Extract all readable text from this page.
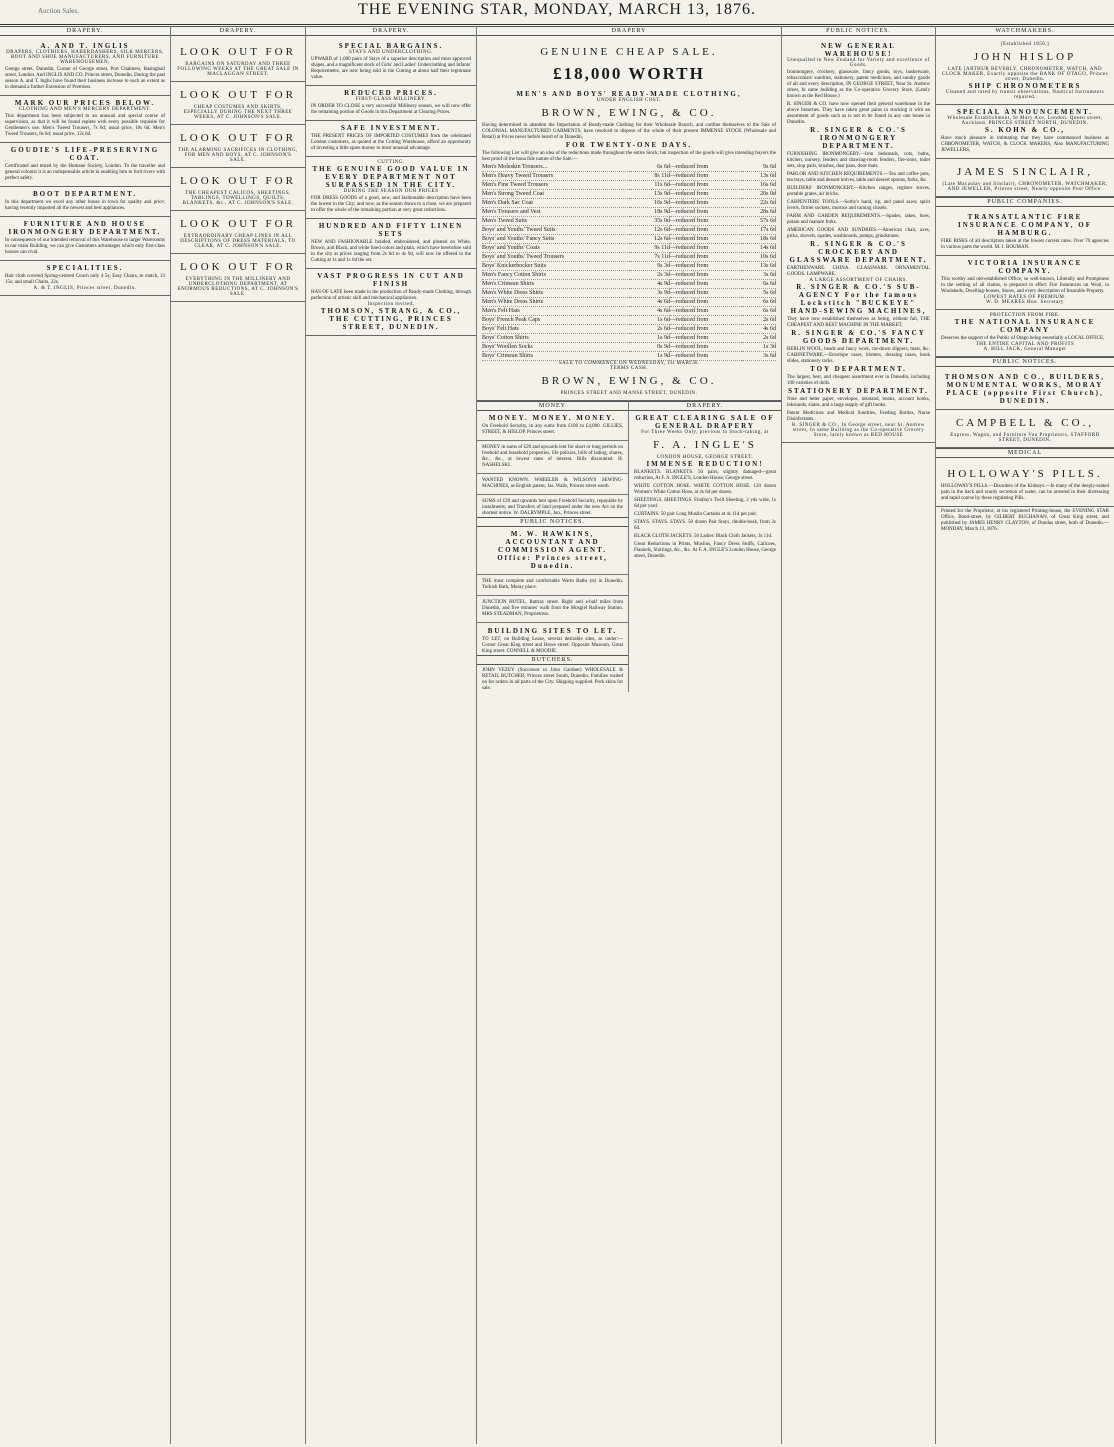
Auction Sales.	THE EVENING STAR, MONDAY, MARCH 13, 1876.
DRAPERY.
A. AND T. INGLIS
DRAPERS, CLOTHIERS, HABERDASHERS, SILK MERCERS, BOOT AND SHOE MANUFACTURERS, AND FURNITURE WAREHOUSEMEN,
George street, Dunedin, Corner of George street, Port Chalmers, Basinghall street, London. And INGLIS AND CO. Princes street, Dunedin. During the past season A. and T. Inglis have found their business increase to such an extent as to demand a further Extension of Premises.
MARK OUR PRICES BELOW.
CLOTHING AND MEN'S MERCERY DEPARTMENT.
This department has been subjected to an unusual and special course of supervision, as that it will be found replete with every possible requisite for Gentlemen's use. Men's Tweed Trousers, 7s 6d; usual price, 10s 6d. Men's Tweed Trousers, 8s 6d; usual price, 12s 6d.
GOUDIE'S LIFE-PRESERVING COAT.
Certificated and tested by the Humane Society, London. To the traveller and general colonist it is an indispensable article in enabling him to ford rivers with perfect safety.
BOOT DEPARTMENT.
In this department we excel any other house in town for quality and price; having recently imported all the newest and best appliances.
FURNITURE AND HOUSE IRONMONGERY DEPARTMENT.
In consequence of our intended removal of this Warehouse to larger Warerooms in our main Building, we can give Customers advantages which only first-class houses can rival.
SPECIALITIES.
Hair cloth covered Spring-centred Couch only 4 5s; Easy Chairs, to match, 13 15s; and small Chairs, 22s.
A. & T. INGLIS, Princes street, Dunedin.
DRAPERY.
LOOK OUT FOR
BARGAINS ON SATURDAY AND THREE FOLLOWING WEEKS AT THE GREAT SALE IN MACLAGGAN STREET.
LOOK OUT FOR
CHEAP COSTUMES AND SKIRTS, ESPECIALLY DURING THE NEXT THREE WEEKS, AT C. JOHNSON'S SALE.
LOOK OUT FOR
THE ALARMING SACRIFICES IN CLOTHING, FOR MEN AND BOYS, AT C. JOHNSON'S SALE.
LOOK OUT FOR
THE CHEAPEST CALICOS, SHEETINGS, TABLINGS, TOWELLINGS, QUILTS, BLANKETS, &c., AT C. JOHNSON'S SALE.
LOOK OUT FOR
EXTRAORDINARY CHEAP LINES IN ALL DESCRIPTIONS OF DRESS MATERIALS, TO CLEAR, AT C. JOHNSON'S SALE.
LOOK OUT FOR
EVERYTHING IN THE MILLINERY AND UNDERCLOTHING DEPARTMENT, AT ENORMOUS REDUCTIONS, AT C. JOHNSON'S SALE.
DRAPERY.
SPECIAL BARGAINS.
STAYS AND UNDERCLOTHING.
UPWARD of 1,000 pairs of Stays of a superior description and most approved shapes, and a magnificent stock of Girls' and Ladies' Underclothing and Infants' Requirements, are now being sold in the Cutting at about half their legitimate value.
REDUCED PRICES.
FIRST-CLASS MILLINERY.
IN ORDER TO CLOSE a very successful Millinery season, we will now offer the remaining portion of Goods in this Department at Clearing Prices.
SAFE INVESTMENT.
THE PRESENT PRICES OF IMPORTED COSTUMES from the celebrated London customers, as quoted at the Cutting Warehouse, afford an opportunity of investing a little spare money to most unusual advantage.
CUTTING.
THE GENUINE GOOD VALUE IN EVERY DEPARTMENT NOT SURPASSED IN THE CITY.
DURING THE SEASON OUR PRICES
FOR DRESS GOODS of a good, new, and fashionable description have been the lowest in the City; and now, as the season draws to a close, we are prepared to offer the whole of the remaining portion at very great reductions.
HUNDRED AND FIFTY LINEN SETS
NEW AND FASHIONABLE braided, embroidered, and pleated on White, Brown, and Black, and white lined colors and plain, which have heretofore sold in the city at prices ranging from 2s 6d to 4s 9d, will now be offered in the Cutting at 1s and 1s 6d the set.
VAST PROGRESS IN CUT AND FINISH
HAS OF LATE been made in the production of Ready-made Clothing, through perfection of artistic skill and mechanical appliances.
Inspection invited.
THOMSON, STRANG, & CO., THE CUTTING, PRINCES STREET, DUNEDIN.
DRAPERY
GENUINE CHEAP SALE.
£18,000 WORTH
MEN'S AND BOYS' READY-MADE CLOTHING,
UNDER ENGLISH COST.
BROWN, EWING, & CO.
Having determined to abandon the Importation of Ready-made Clothing for their Wholesale Branch, and confine themselves to the Sale of COLONIAL MANUFACTURED GARMENTS, have resolved to dispose of the whole of their present IMMENSE STOCK (Wholesale and Retail) at Prices never before heard of in Dunedin,
FOR TWENTY-ONE DAYS.
The following List will give an idea of the reductions made throughout the entire Stock; but inspection of the goods will give intending buyers the best proof of the bona fide nature of the Sale:—
Men's Moleskin Trousers...	6s 6d	—reduced from	9s 6d
Men's Heavy Tweed Trousers	8s 11d	—reduced from	13s 6d
Men's Fine Tweed Trousers	11s 6d	—reduced from	16s 6d
Men's Strong Tweed Coat	13s 9d	—reduced from	20s 0d
Men's Dark Sac Coat	16s 9d	—reduced from	22s 6d
Men's Trousers and Vest	18s 9d	—reduced from	28s 6d
Men's Tweed Suits	35s 0d	—reduced from	57s 6d
Boys' and Youths' Tweed Suits	12s 6d	—reduced from	17s 6d
Boys' and Youths' Fancy Suits	12s 6d	—reduced from	18s 6d
Boys' and Youths' Coats	9s 11d	—reduced from	14s 6d
Boys' and Youths' Tweed Trousers	7s 11d	—reduced from	10s 6d
Boys' Knickerbocker Suits	9s 3d	—reduced from	13s 6d
Men's Fancy Cotton Shirts	2s 3d	—reduced from	3s 6d
Men's Crimean Shirts	4s 9d	—reduced from	6s 6d
Men's White Dress Shirts	3s 9d	—reduced from	5s 6d
Men's White Dress Shirts	4s 6d	—reduced from	6s 6d
Men's Felt Hats	4s 6d	—reduced from	6s 6d
Boys' French Peak Caps	1s 6d	—reduced from	2s 6d
Boys' Felt Hats	2s 6d	—reduced from	4s 6d
Boys' Cotton Shirts	1s 9d	—reduced from	2s 6d
Boys' Woollen Socks	0s 9d	—reduced from	1s 3d
Boys' Crimean Shirts	1s 9d	—reduced from	3s 6d
SALE TO COMMENCE ON WEDNESDAY, 1st MARCH.
TERMS CASH.
BROWN, EWING, & CO.
PRINCES STREET AND MANSE STREET, DUNEDIN.
MONEY
MONEY. MONEY. MONEY.
On Freehold Security, in any sums from £100 to £4,000. GILLIES, STREET, & HISLOP, Princes street.
MONEY in sums of £20 and upwards lent for short or long periods on freehold and leasehold properties, life policies, bills of lading, shares, &c., &c., at lowest rates of interest. Bills discounted. H. NASHELSKI.
WANTED KNOWN. WHEELER & WILSON'S SEWING-MACHINES, as English patent, Jas. Walls, Princes street south.
SUMS of £20 and upwards lent upon Freehold Security, repayable by instalments; and Transfers of land prepared under the new Act on the shortest notice. W. DALRYMPLE, Jun., Princes street.
PUBLIC NOTICES.
M. W. HAWKINS, ACCOUNTANT AND COMMISSION AGENT. Office: Princes street, Dunedin.
THE most complete and comfortable Warm Baths (ts) in Dunedin. Turkish Bath, Moray place.
JUNCTION HOTEL, Rattray street. Right and a-half miles from Dunedin, and five minutes' walk from the Mosgiel Railway Station. MRS STEADMAN, Proprietress.
BUILDING SITES TO LET.
TO LET, on Building Lease, several desirable sites, as under:— Corner Great King street and Howe street. Opposite Museum, Great King street. CONNELL & MOODIE.
BUTCHERS.
JOHN VEZEY (Successor to John Gardner) WHOLESALE & RETAIL BUTCHER, Princes street South, Dunedin. Families waited on for orders in all parts of the City. Shipping supplied. Pork skins for sale.
DRAPERY.
GREAT CLEARING SALE OF GENERAL DRAPERY
For Three Weeks Only, previous to Stock-taking, at
F. A. INGLE'S
LONDON HOUSE, GEORGE STREET.
IMMENSE REDUCTION!
BLANKETS. BLANKETS. 50 pairs, slightly damaged—great reduction, At F. A. INGLE'S, London House, George street.
WHITE COTTON HOSE. WHITE COTTON HOSE. 120 dozen Women's White Cotton Hose, at 4s 6d per dozen.
SHEETINGS. SHEETINGS. Findlay's Twill Sheeting, 2 yds wide, 1s 6d per yard.
CURTAINS. 50 pair Long Muslin Curtains at 4s 11d per pair.
STAYS. STAYS. STAYS. 50 dozen Pair Stays, double-busk, from 2s 6d.
BLACK CLOTH JACKETS. 50 Ladies' Black Cloth Jackets, 3s 11d.
Great Reductions in Prints, Muslins, Fancy Dress Stuffs, Calicoes, Flannels, Shirtings, &c., &c. At F. A. INGLE'S London House, George street, Dunedin.
PUBLIC NOTICES.
NEW GENERAL WAREHOUSE!
Unequalled in New Zealand for Variety and excellence of Goods.
Ironmongery, crockery, glassware, fancy goods, toys, basketware, tobacconists' sundries, stationery, patent medicines, and sundry goods of all and every description, IN GEORGE STREET, Near St. Andrew street, In same building as the Co-operative Grocery Store, (Lately known as the Red House.)
R. SINGER & CO. have now opened their general warehouse in the above branches. They have taken great pains in stocking it with an assortment of goods such as is not to be found in any one house in Dunedin.
R. SINGER & CO.'S IRONMONGERY DEPARTMENT.
FURNISHING IRONMONGERY.—Iron bedsteads, cots, baths, kitchen, nursery, fenders and drawing-room fenders, fire-irons, toilet sets, slop pails, brushes, dust pans, door mats.
PARLOR AND KITCHEN REQUIREMENTS.—Tea and coffee pots, tea trays, table and dessert knives, table and dessert spoons, forks, &c.
BUILDERS' IRONMONGERY.—Kitchen ranges, register stoves, portable grates, air bricks.
CARPENTERS' TOOLS.—Sorby's hand, rip, and panel saws; spirit levels, firmer sockets, mortice and turning chisels.
FARM AND GARDEN REQUIREMENTS.—Spades, rakes, hoes, potato and manure forks.
AMERICAN GOODS AND SUNDRIES.—American chair, axes, picks, shovels, spades, washboards, pumps, grindstones.
R. SINGER & CO.'S CROCKERY AND GLASSWARE DEPARTMENT.
EARTHENWARE. CHINA. GLASSWARE. ORNAMENTAL GOODS. LAMPWARE.
A LARGE ASSORTMENT OF CHAIRS.
R. SINGER & CO.'S SUB-AGENCY For the famous Lockstitch "BUCKEYE" HAND-SEWING MACHINES,
They have now established themselves as being, without fail, THE CHEAPEST AND BEST MACHINE IN THE MARKET,
R. SINGER & CO.'S FANCY GOODS DEPARTMENT.
BERLIN WOOL, beads and fancy work, cut-down slippers, mats, &c. CABINETWARE.—Envelope cases, blotters, dressing cases, book slides, stationery racks.
TOY DEPARTMENT.
The largest, best, and cheapest assortment ever in Dunedin, including 100 varieties of dolls.
STATIONERY DEPARTMENT.
Note and letter paper, envelopes, inkstand, books, account books, inkstands, slates, and a large supply of gift books.
Patent Medicines and Medical Sundries, Feeding Bottles, Nurse Disinfectants.
R. SINGER & CO., In George street, near St. Andrew street, In same Building as the Co-operative Grocery Store, lately known as RED HOUSE
WATCHMAKERS.
[Established 1856.]
JOHN HISLOP
LATE [ARTHUR BEVERLY, CHRONOMETER, WATCH, AND CLOCK MAKER, Exactly opposite the BANK OF OTAGO, Princes street, Dunedin.
SHIP CHRONOMETERS
Cleaned and rated by transit observations. Nautical Instruments repaired.
SPECIAL ANNOUNCEMENT.
Wholesale Establishment, St Mary Axe, London. Queen street, Auckland. PRINCES STREET NORTH, DUNEDIN.
S. KOHN & CO.,
Have much pleasure in intimating that they have commenced business as CHRONOMETER, WATCH, & CLOCK MAKERS, Also MANUFACTURING JEWELLERS,
JAMES SINCLAIR,
(Late Macaulay and Sinclair), CHRONOMETER, WATCHMAKER, AND JEWELLER, Princes street, Nearly opposite Post Office.
PUBLIC COMPANIES.
TRANSATLANTIC FIRE INSURANCE COMPANY, OF HAMBURG.
FIRE RISKS of all description taken at the lowest current rates. Over 70 agencies in various parts the world. M. J. BOUMAN.
VICTORIA INSURANCE COMPANY.
This worthy and old-established Office, so well-known, Liberally and Promptness in the settling of all claims, is prepared to effect Fire Insurances on Wool, in Woolsheds, Dwelling-houses, Stores, and every description of Insurable Property.
LOWEST RATES OF PREMIUM.
W. D. MEARES Hon. Secretary
PROTECTION FROM FIRE.
THE NATIONAL INSURANCE COMPANY
Deserves the support of the Public of Otago being essentially a LOCAL OFFICE,
THE ENTIRE CAPITAL AND PROFITS
A. HILL JACK, General Manager
PUBLIC NOTICES.
THOMSON AND CO., BUILDERS, MONUMENTAL WORKS, MORAY PLACE (opposite First Church), DUNEDIN.
CAMPBELL & CO.,
Express, Wagon, and Furniture Van Proprietors, STAFFORD STREET, DUNEDIN.
MEDICAL
HOLLOWAY'S PILLS.
HOLLOWAY'S PILLS.—Disorders of the Kidneys.—In many of the deeply-seated pain in the back and scanty secretion of water, can be arrested in their distressing and rapid course by these regulating Pills.
Printed for the Proprietor, at his registered Printing-house, the EVENING STAR Office, Bond-street, by GILBERT BUCHANAN, of Great King street, and published by JAMES HENRY CLAYTON, of Dundas street, both of Dunedin.—MONDAY, March 13, 1876.
